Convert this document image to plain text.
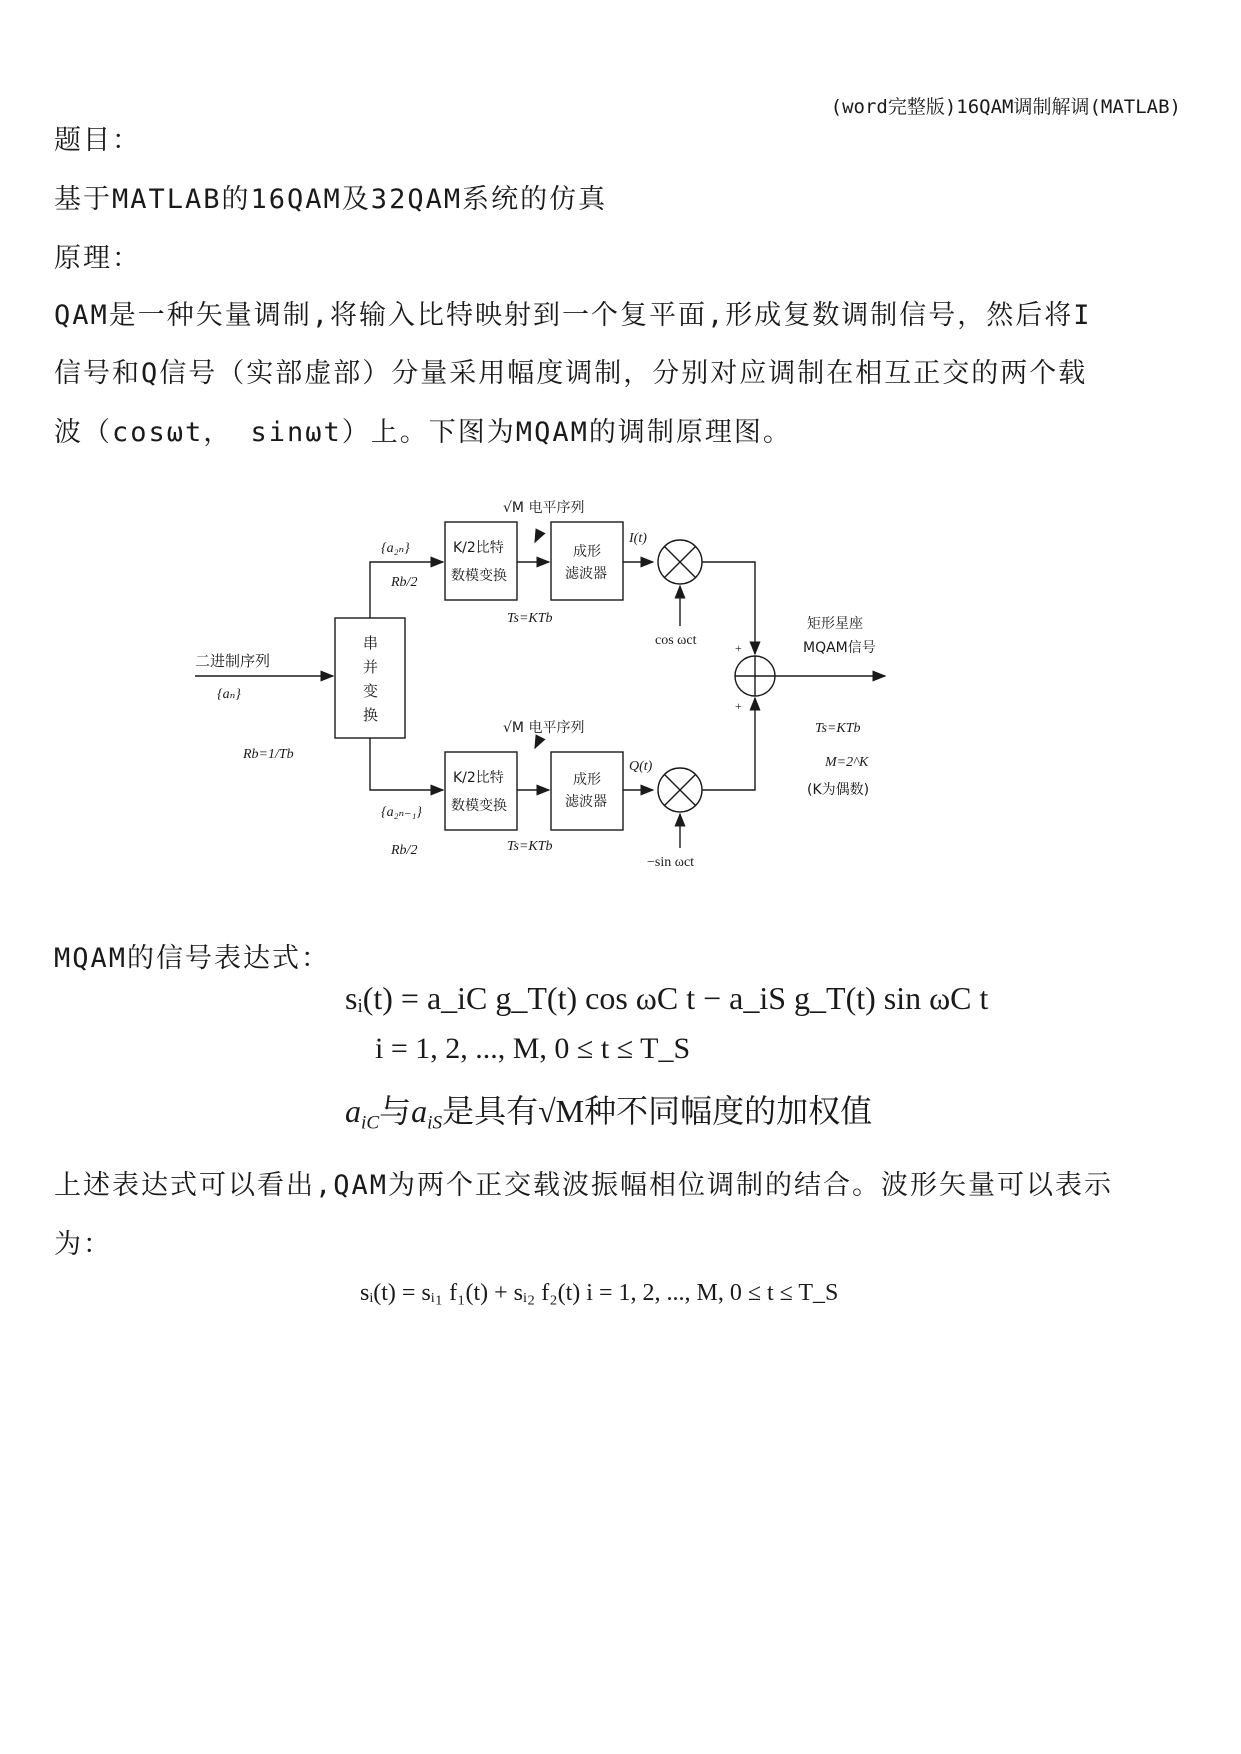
(word完整版)16QAM调制解调(MATLAB)
题目：
基于MATLAB的16QAM及32QAM系统的仿真
原理：
QAM是一种矢量调制,将输入比特映射到一个复平面,形成复数调制信号，然后将I
信号和Q信号（实部虚部）分量采用幅度调制，分别对应调制在相互正交的两个载
波（cosωt， sinωt）上。下图为MQAM的调制原理图。
二进制序列
{aₙ}
Rb=1/Tb
串
并
变
换
{a₂ₙ}
Rb/2
{a₂ₙ₋₁}
Rb/2
K/2比特
数模变换
K/2比特
数模变换
√M 电平序列
√M 电平序列
成形
滤波器
成形
滤波器
Ts=KTb
Ts=KTb
I(t)
Q(t)
cos ωct
−sin ωct
+
+
矩形星座
MQAM信号
Ts=KTb
M=2^K
(K为偶数)
MQAM的信号表达式：
sᵢ(t) = a_iC g_T(t) cos ωC t − a_iS g_T(t) sin ωC t
i = 1, 2, ..., M, 0 ≤ t ≤ T_S
$a_{iC}$与$a_{iS}$是具有√M种不同幅度的加权值
上述表达式可以看出,QAM为两个正交载波振幅相位调制的结合。波形矢量可以表示
为：
sᵢ(t) = sᵢ₁ f₁(t) + sᵢ₂ f₂(t) i = 1, 2, ..., M, 0 ≤ t ≤ T_S
